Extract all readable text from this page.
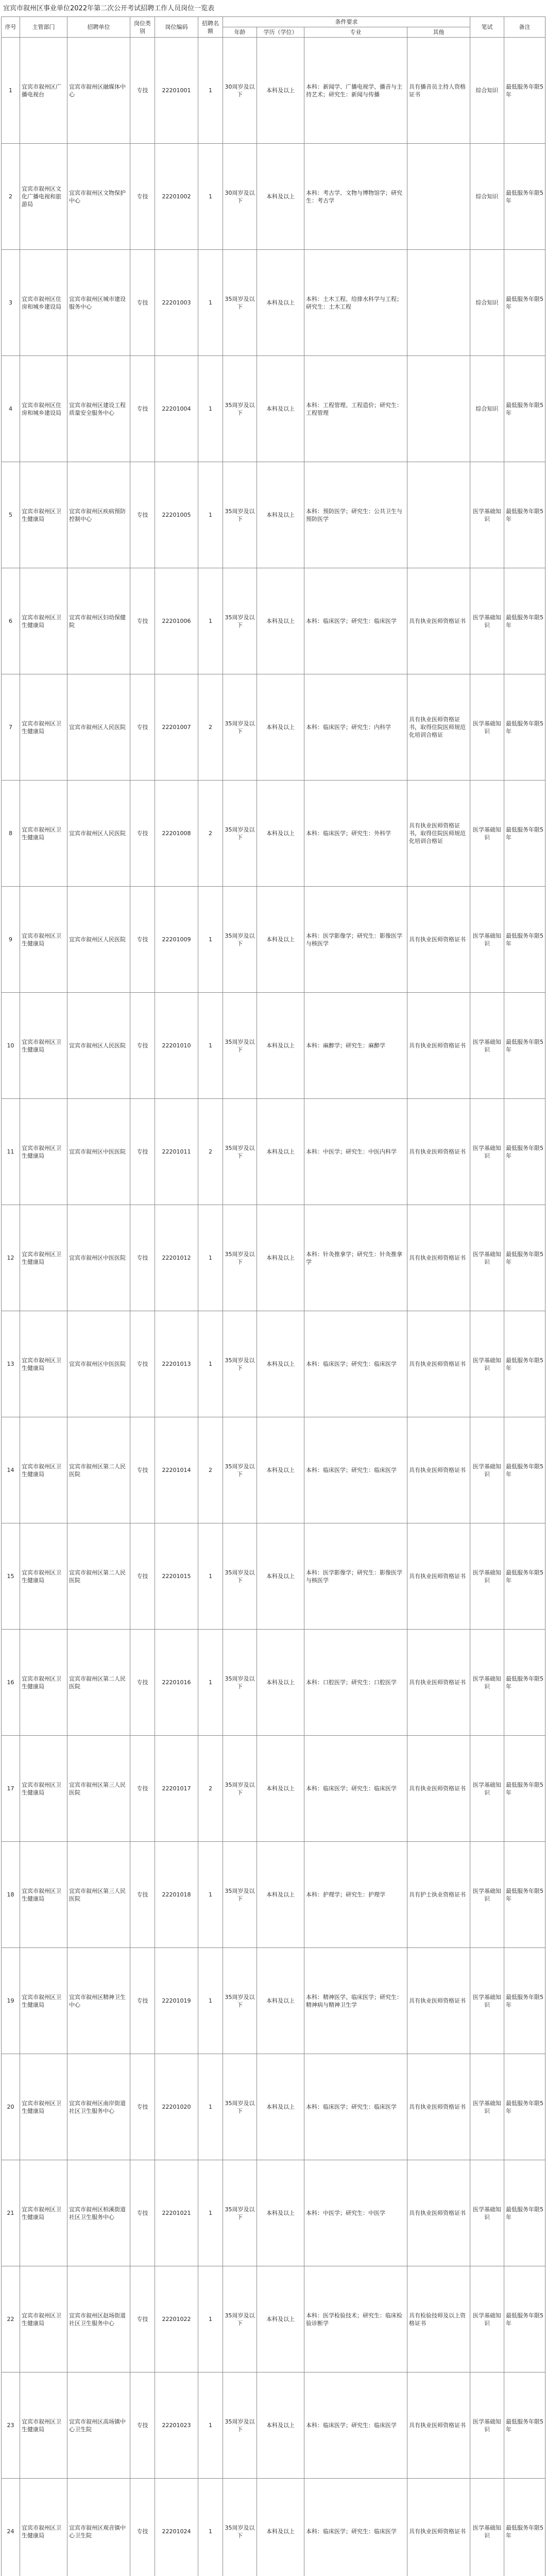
宜宾市叙州区事业单位2022年第二次公开考试招聘工作人员岗位一览表
序号	主管部门	招聘单位	岗位类别	岗位编码	招聘名额	条件要求				笔试	备注
						年龄	学历（学位）	专业	其他		
1	宜宾市叙州区广播电视台	宜宾市叙州区融媒体中心	专技	22201001	1	30周岁及以下	本科及以上	本科：新闻学、广播电视学、播音与主持艺术；研究生：新闻与传播	具有播音员主持人资格证书	综合知识	最低服务年限5年
2	宜宾市叙州区文化广播电视和旅游局	宜宾市叙州区文物保护中心	专技	22201002	1	30周岁及以下	本科及以上	本科：考古学、文物与博物馆学；研究生：考古学		综合知识	最低服务年限5年
3	宜宾市叙州区住房和城乡建设局	宜宾市叙州区城市建设服务中心	专技	22201003	1	35周岁及以下	本科及以上	本科：土木工程、给排水科学与工程；研究生：土木工程		综合知识	最低服务年限5年
4	宜宾市叙州区住房和城乡建设局	宜宾市叙州区建设工程质量安全服务中心	专技	22201004	1	35周岁及以下	本科及以上	本科：工程管理、工程造价；研究生：工程管理		综合知识	最低服务年限5年
5	宜宾市叙州区卫生健康局	宜宾市叙州区疾病预防控制中心	专技	22201005	1	35周岁及以下	本科及以上	本科：预防医学；研究生：公共卫生与预防医学		医学基础知识	最低服务年限5年
6	宜宾市叙州区卫生健康局	宜宾市叙州区妇幼保健院	专技	22201006	1	35周岁及以下	本科及以上	本科：临床医学；研究生：临床医学	具有执业医师资格证书	医学基础知识	最低服务年限5年
7	宜宾市叙州区卫生健康局	宜宾市叙州区人民医院	专技	22201007	2	35周岁及以下	本科及以上	本科：临床医学；研究生：内科学	具有执业医师资格证书，取得住院医师规范化培训合格证	医学基础知识	最低服务年限5年
8	宜宾市叙州区卫生健康局	宜宾市叙州区人民医院	专技	22201008	2	35周岁及以下	本科及以上	本科：临床医学；研究生：外科学	具有执业医师资格证书，取得住院医师规范化培训合格证	医学基础知识	最低服务年限5年
9	宜宾市叙州区卫生健康局	宜宾市叙州区人民医院	专技	22201009	1	35周岁及以下	本科及以上	本科：医学影像学；研究生：影像医学与核医学	具有执业医师资格证书	医学基础知识	最低服务年限5年
10	宜宾市叙州区卫生健康局	宜宾市叙州区人民医院	专技	22201010	1	35周岁及以下	本科及以上	本科：麻醉学；研究生：麻醉学	具有执业医师资格证书	医学基础知识	最低服务年限5年
11	宜宾市叙州区卫生健康局	宜宾市叙州区中医医院	专技	22201011	2	35周岁及以下	本科及以上	本科：中医学；研究生：中医内科学	具有执业医师资格证书	医学基础知识	最低服务年限5年
12	宜宾市叙州区卫生健康局	宜宾市叙州区中医医院	专技	22201012	1	35周岁及以下	本科及以上	本科：针灸推拿学；研究生：针灸推拿学	具有执业医师资格证书	医学基础知识	最低服务年限5年
13	宜宾市叙州区卫生健康局	宜宾市叙州区中医医院	专技	22201013	1	35周岁及以下	本科及以上	本科：临床医学；研究生：临床医学	具有执业医师资格证书	医学基础知识	最低服务年限5年
14	宜宾市叙州区卫生健康局	宜宾市叙州区第二人民医院	专技	22201014	2	35周岁及以下	本科及以上	本科：临床医学；研究生：临床医学	具有执业医师资格证书	医学基础知识	最低服务年限5年
15	宜宾市叙州区卫生健康局	宜宾市叙州区第二人民医院	专技	22201015	1	35周岁及以下	本科及以上	本科：医学影像学；研究生：影像医学与核医学	具有执业医师资格证书	医学基础知识	最低服务年限5年
16	宜宾市叙州区卫生健康局	宜宾市叙州区第二人民医院	专技	22201016	1	35周岁及以下	本科及以上	本科：口腔医学；研究生：口腔医学	具有执业医师资格证书	医学基础知识	最低服务年限5年
17	宜宾市叙州区卫生健康局	宜宾市叙州区第三人民医院	专技	22201017	2	35周岁及以下	本科及以上	本科：临床医学；研究生：临床医学	具有执业医师资格证书	医学基础知识	最低服务年限5年
18	宜宾市叙州区卫生健康局	宜宾市叙州区第三人民医院	专技	22201018	1	35周岁及以下	本科及以上	本科：护理学；研究生：护理学	具有护士执业资格证书	医学基础知识	最低服务年限5年
19	宜宾市叙州区卫生健康局	宜宾市叙州区精神卫生中心	专技	22201019	1	35周岁及以下	本科及以上	本科：精神医学、临床医学；研究生：精神病与精神卫生学	具有执业医师资格证书	医学基础知识	最低服务年限5年
20	宜宾市叙州区卫生健康局	宜宾市叙州区南岸街道社区卫生服务中心	专技	22201020	1	35周岁及以下	本科及以上	本科：临床医学；研究生：临床医学	具有执业医师资格证书	医学基础知识	最低服务年限5年
21	宜宾市叙州区卫生健康局	宜宾市叙州区柏溪街道社区卫生服务中心	专技	22201021	1	35周岁及以下	本科及以上	本科：中医学；研究生：中医学	具有执业医师资格证书	医学基础知识	最低服务年限5年
22	宜宾市叙州区卫生健康局	宜宾市叙州区赵场街道社区卫生服务中心	专技	22201022	1	35周岁及以下	本科及以上	本科：医学检验技术；研究生：临床检验诊断学	具有检验技师及以上资格证书	医学基础知识	最低服务年限5年
23	宜宾市叙州区卫生健康局	宜宾市叙州区高场镇中心卫生院	专技	22201023	1	35周岁及以下	本科及以上	本科：临床医学；研究生：临床医学	具有执业医师资格证书	医学基础知识	最低服务年限5年
24	宜宾市叙州区卫生健康局	宜宾市叙州区观音镇中心卫生院	专技	22201024	1	35周岁及以下	本科及以上	本科：临床医学；研究生：临床医学	具有执业医师资格证书	医学基础知识	最低服务年限5年
